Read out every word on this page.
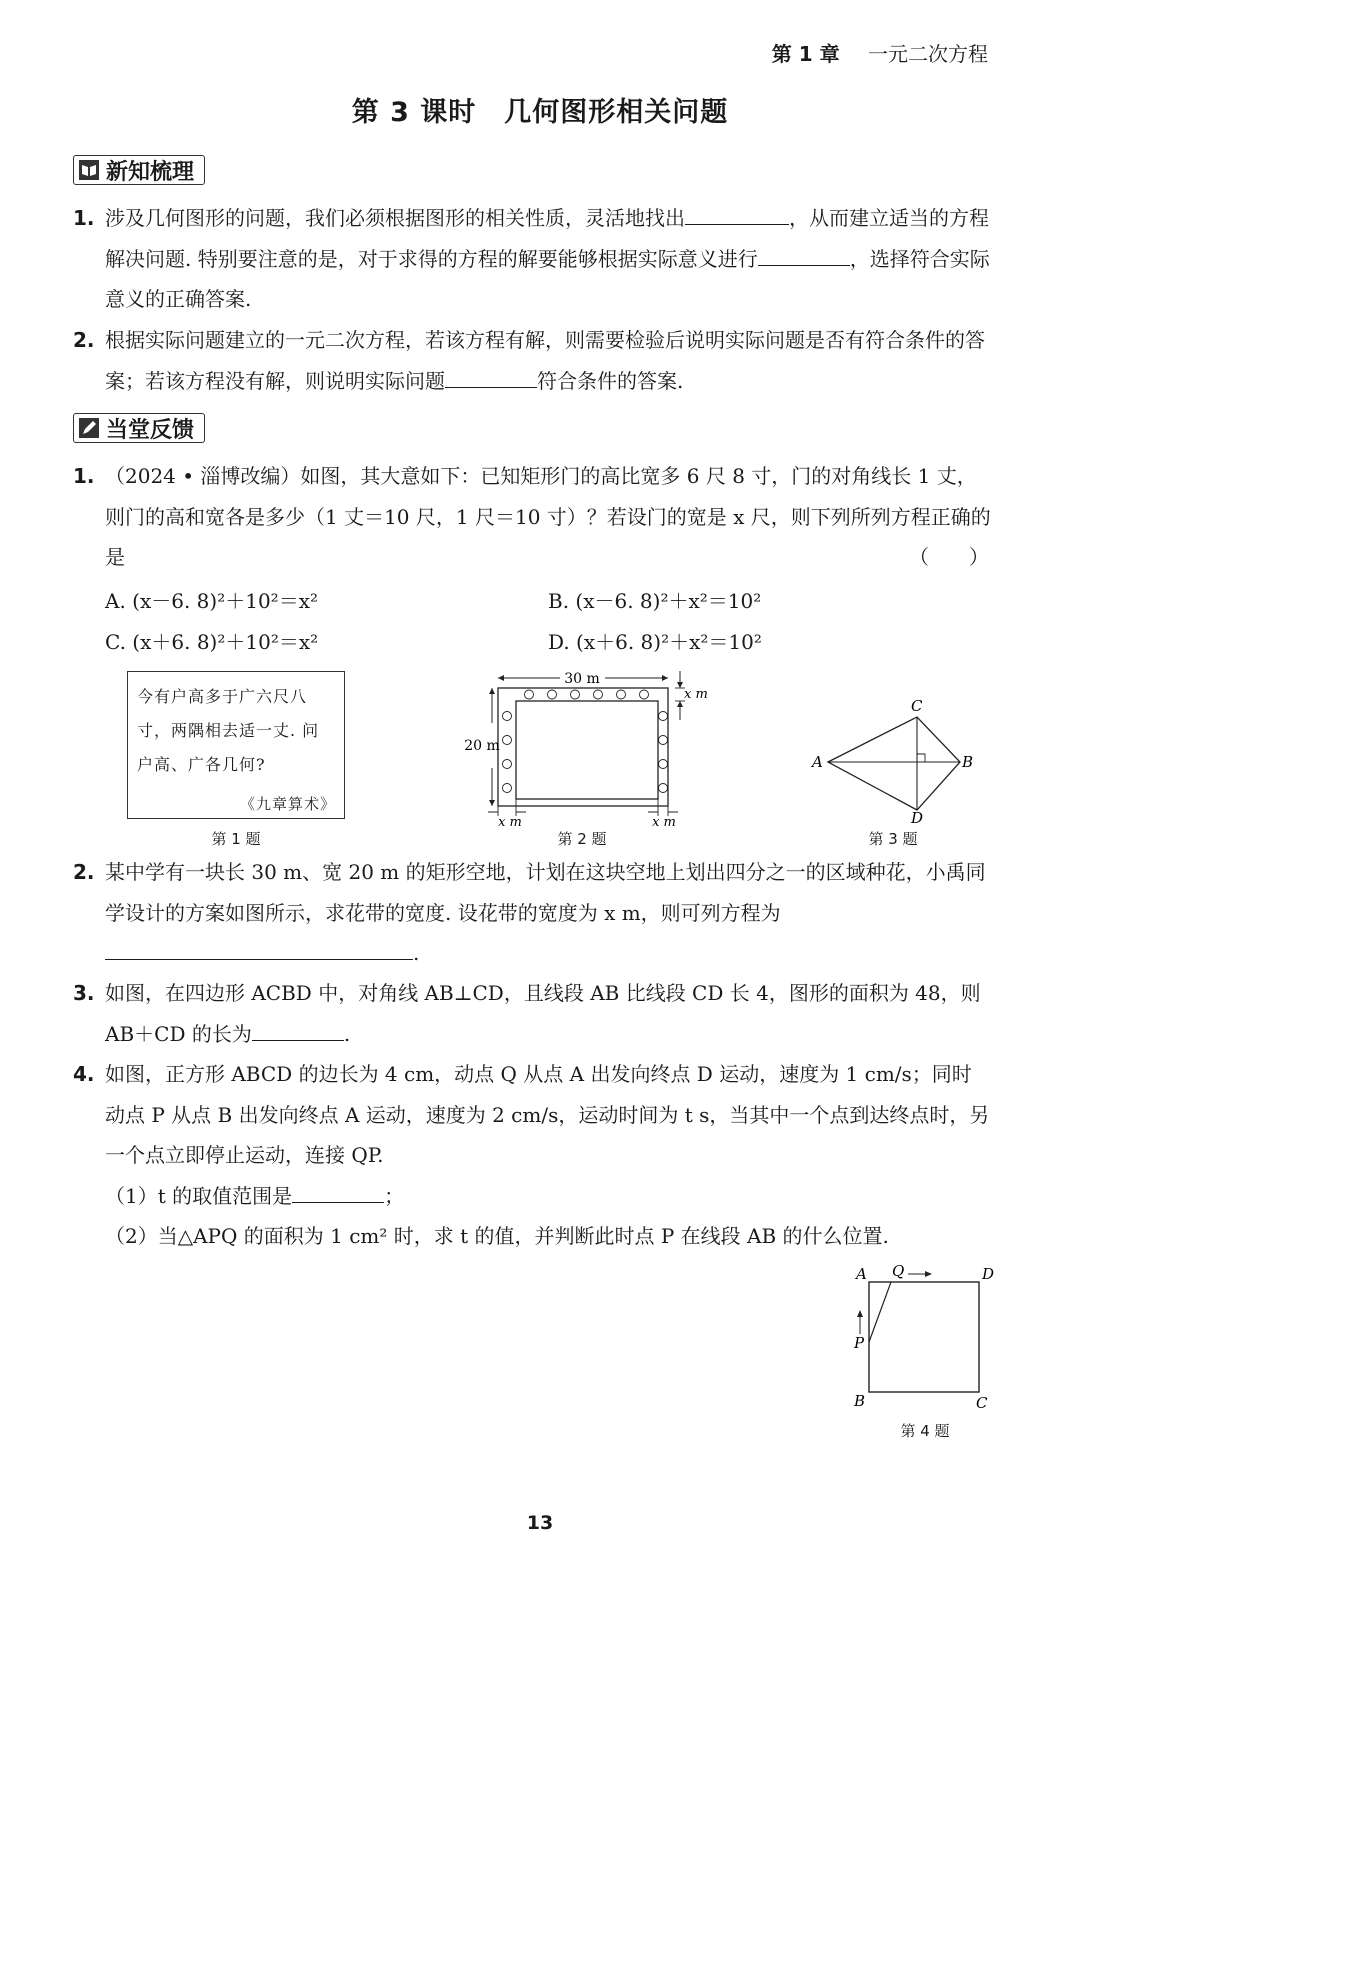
第 1 章 一元二次方程
第 3 课时　几何图形相关问题
新知梳理
1. 涉及几何图形的问题，我们必须根据图形的相关性质，灵活地找出	，从而建立适当的方程解决问题. 特别要注意的是，对于求得的方程的解要能够根据实际意义进行	，选择符合实际意义的正确答案.
2. 根据实际问题建立的一元二次方程，若该方程有解，则需要检验后说明实际问题是否有符合条件的答案；若该方程没有解，则说明实际问题	符合条件的答案.
当堂反馈
1. （2024 • 淄博改编）如图，其大意如下：已知矩形门的高比宽多 6 尺 8 寸，门的对角线长 1 丈，则门的高和宽各是多少（1 丈＝10 尺，1 尺＝10 寸）？若设门的宽是 x 尺，则下列所列方程正确的是	（　　）
A. (x－6. 8)²＋10²＝x²	B. (x－6. 8)²＋x²＝10²
C. (x＋6. 8)²＋10²＝x²	D. (x＋6. 8)²＋x²＝10²
今有户高多于广六尺八寸，两隅相去适一丈. 问户高、广各几何?
《九章算术》
第 1 题
30 m
20 m
x m
x m	x m
第 2 题
A	B
C
D
第 3 题
2. 某中学有一块长 30 m、宽 20 m 的矩形空地，计划在这块空地上划出四分之一的区域种花，小禹同学设计的方案如图所示，求花带的宽度. 设花带的宽度为 x m，则可列方程为
.
3. 如图，在四边形 ACBD 中，对角线 AB⊥CD，且线段 AB 比线段 CD 长 4，图形的面积为 48，则 AB＋CD 的长为	.
4. 如图，正方形 ABCD 的边长为 4 cm，动点 Q 从点 A 出发向终点 D 运动，速度为 1 cm/s；同时动点 P 从点 B 出发向终点 A 运动，速度为 2 cm/s，运动时间为 t s，当其中一个点到达终点时，另一个点立即停止运动，连接 QP.
（1）t 的取值范围是	；
（2）当△APQ 的面积为 1 cm² 时，求 t 的值，并判断此时点 P 在线段 AB 的什么位置.
A Q	D
P
B	C
第 4 题
13
